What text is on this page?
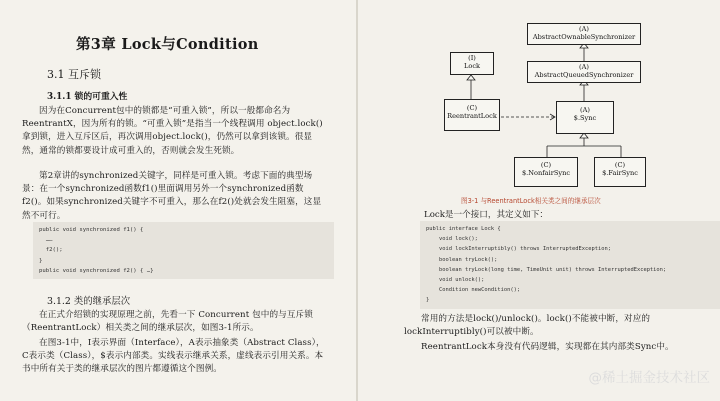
第3章 Lock与Condition
3.1 互斥锁
3.1.1 锁的可重入性

因为在Concurrent包中的锁都是“可重入锁”，所以一般都命名为ReentrantX，因为所有的锁。“可重入锁”是指当一个线程调用 object.lock()拿到锁，进入互斥区后，再次调用object.lock()，仍然可以拿到该锁。很显然，通常的锁都要设计成可重入的，否则就会发生死锁。

第2章讲的synchronized关键字，同样是可重入锁。考虑下面的典型场景：在一个synchronized函数f1()里面调用另外一个synchronized函数f2()。如果synchronized关键字不可重入，那么在f2()处就会发生阻塞，这显然不可行。

public void synchronized f1() {
……
f2();
}
public void synchronized f2() { …}
3.1.2 类的继承层次

在正式介绍锁的实现原理之前，先看一下 Concurrent 包中的与互斥锁（ReentrantLock）相关类之间的继承层次，如图3-1所示。

在图3-1中，I表示界面（Interface），A表示抽象类（Abstract Class），C表示类（Class），$表示内部类。实线表示继承关系，虚线表示引用关系。本书中所有关于类的继承层次的图片都遵循这个图例。

(A)
AbstractOwnableSynchronizer
(A)
AbstractQueuedSynchronizer
(I)
Lock
(C)
ReentrantLock
(A)
$.Sync
(C)
$.NonfairSync
(C)
$.FairSync
图3-1 与ReentrantLock相关类之间的继承层次
Lock是一个接口，其定义如下：
public interface Lock {
void lock();
void lockInterruptibly() throws InterruptedException;
boolean tryLock();
boolean tryLock(long time, TimeUnit unit) throws InterruptedException;
void unlock();
Condition newCondition();
}

常用的方法是lock()/unlock()。lock()不能被中断，对应的lockInterruptibly()可以被中断。

ReentrantLock本身没有代码逻辑，实现都在其内部类Sync中。

@稀土掘金技术社区
